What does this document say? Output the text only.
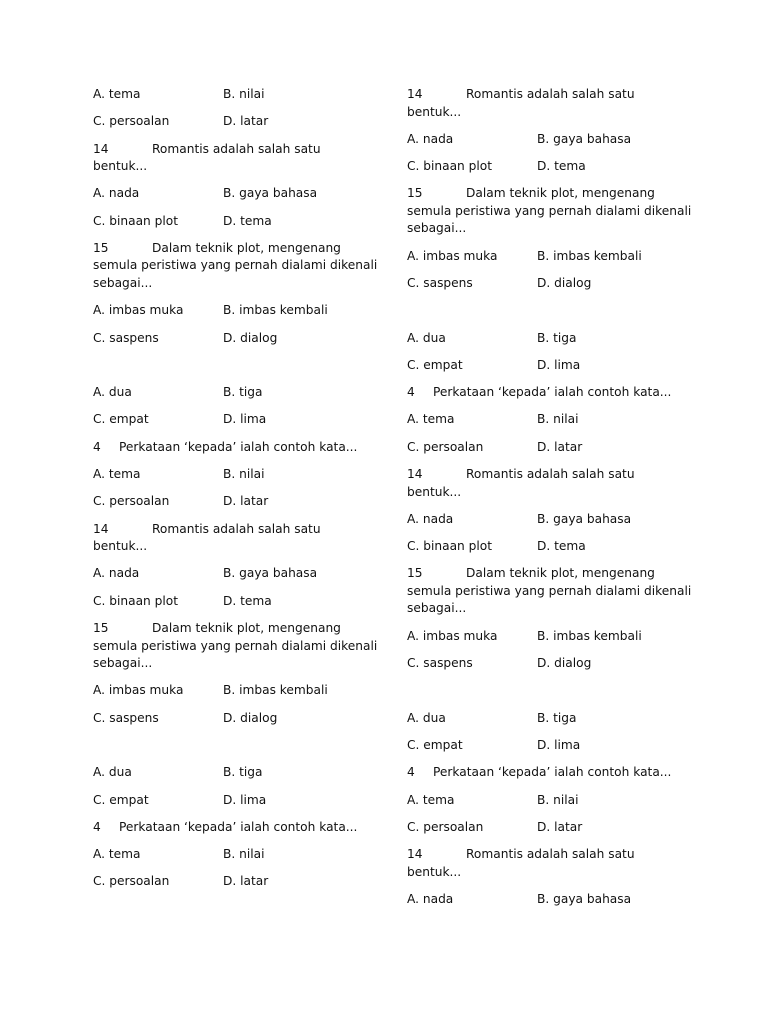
A. tema	B. nilai
C. persoalan	D. latar
14	Romantis adalah salah satu
bentuk...
A. nada	B. gaya bahasa
C. binaan plot	D. tema
15	Dalam teknik plot, mengenang
semula peristiwa yang pernah dialami dikenali
sebagai...
A. imbas muka	B. imbas kembali
C. saspens	D. dialog
A. dua	B. tiga
C. empat	D. lima
4 Perkataan ‘kepada’ ialah contoh kata...
A. tema	B. nilai
C. persoalan	D. latar
14	Romantis adalah salah satu
bentuk...
A. nada	B. gaya bahasa
C. binaan plot	D. tema
15	Dalam teknik plot, mengenang
semula peristiwa yang pernah dialami dikenali
sebagai...
A. imbas muka	B. imbas kembali
C. saspens	D. dialog
A. dua	B. tiga
C. empat	D. lima
4 Perkataan ‘kepada’ ialah contoh kata...
A. tema	B. nilai
C. persoalan	D. latar
14	Romantis adalah salah satu
bentuk...
A. nada	B. gaya bahasa
C. binaan plot	D. tema
15	Dalam teknik plot, mengenang
semula peristiwa yang pernah dialami dikenali
sebagai...
A. imbas muka	B. imbas kembali
C. saspens	D. dialog
A. dua	B. tiga
C. empat	D. lima
4 Perkataan ‘kepada’ ialah contoh kata...
A. tema	B. nilai
C. persoalan	D. latar
14	Romantis adalah salah satu
bentuk...
A. nada	B. gaya bahasa
C. binaan plot	D. tema
15	Dalam teknik plot, mengenang
semula peristiwa yang pernah dialami dikenali
sebagai...
A. imbas muka	B. imbas kembali
C. saspens	D. dialog
A. dua	B. tiga
C. empat	D. lima
4 Perkataan ‘kepada’ ialah contoh kata...
A. tema	B. nilai
C. persoalan	D. latar
14	Romantis adalah salah satu
bentuk...
A. nada	B. gaya bahasa
